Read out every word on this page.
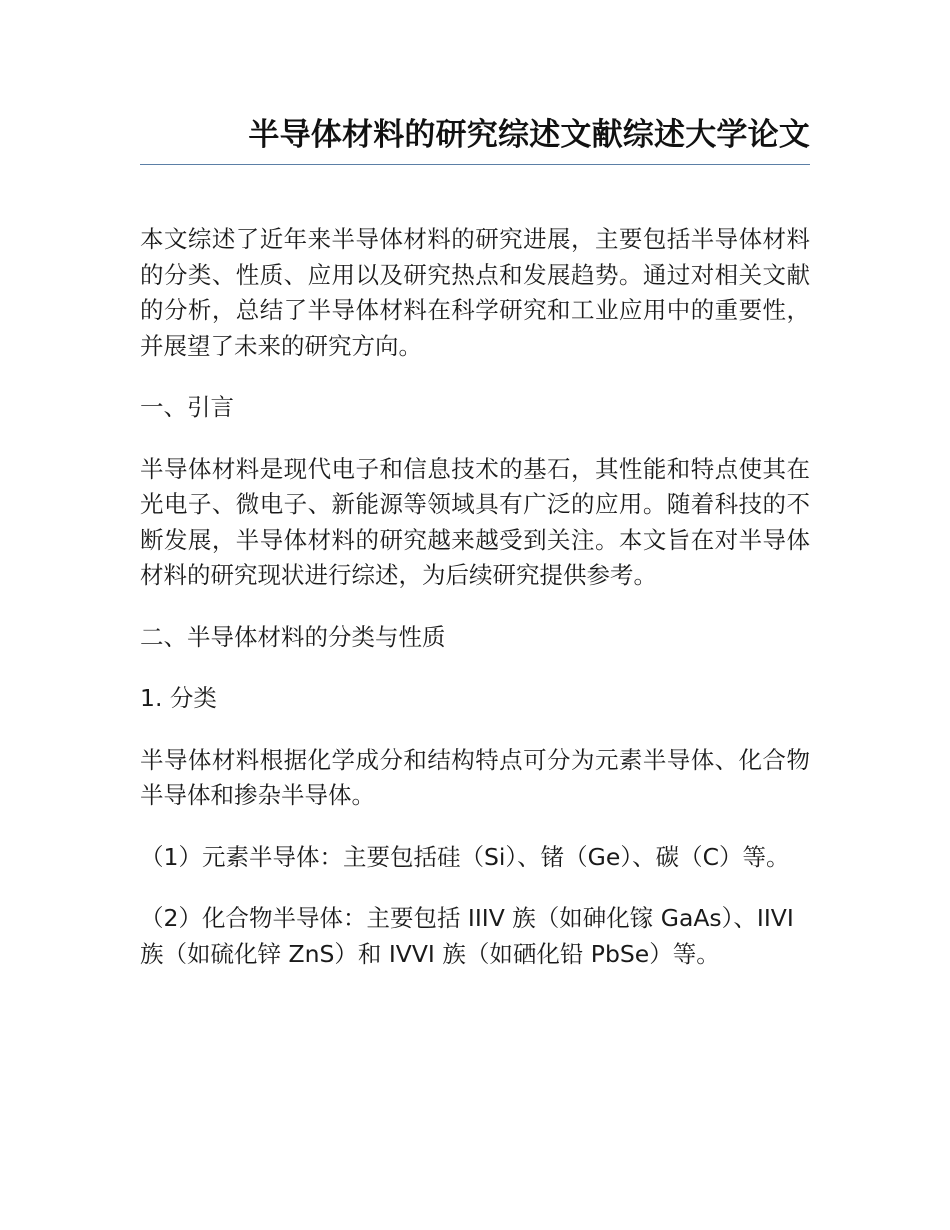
半导体材料的研究综述文献综述大学论文

本文综述了近年来半导体材料的研究进展，主要包括半导体材料的分类、性质、应用以及研究热点和发展趋势。通过对相关文献的分析，总结了半导体材料在科学研究和工业应用中的重要性，并展望了未来的研究方向。

一、引言

半导体材料是现代电子和信息技术的基石，其性能和特点使其在光电子、微电子、新能源等领域具有广泛的应用。随着科技的不断发展，半导体材料的研究越来越受到关注。本文旨在对半导体材料的研究现状进行综述，为后续研究提供参考。

二、半导体材料的分类与性质

1. 分类

半导体材料根据化学成分和结构特点可分为元素半导体、化合物半导体和掺杂半导体。

（1）元素半导体：主要包括硅（Si）、锗（Ge）、碳（C）等。

（2）化合物半导体：主要包括 IIIV 族（如砷化镓 GaAs）、IIVI 族（如硫化锌 ZnS）和 IVVI 族（如硒化铅 PbSe）等。
